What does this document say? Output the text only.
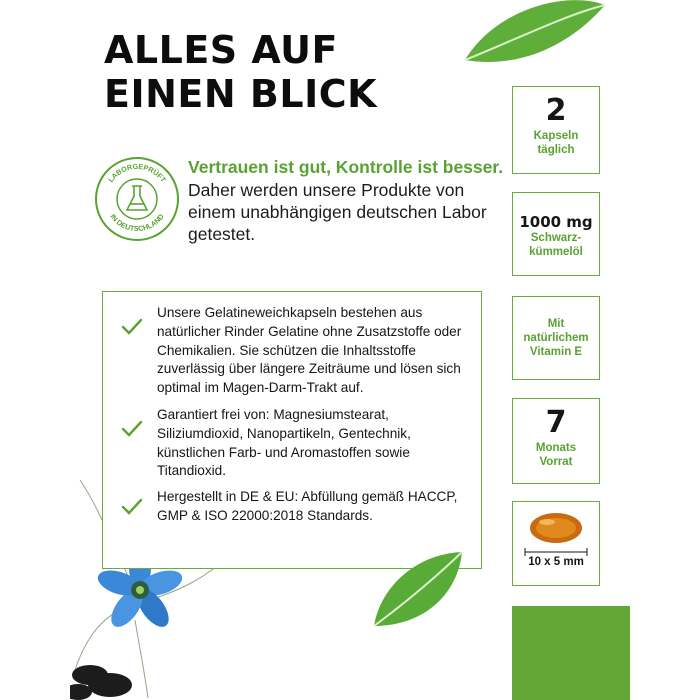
ALLES AUF
EINEN BLICK
LABORGEPRÜFT
IN DEUTSCHLAND
Vertrauen ist gut, Kontrolle ist besser.
Daher werden unsere Produkte von einem unabhängigen deutschen Labor getestet.
Unsere Gelatineweichkapseln bestehen aus natürlicher Rinder Gelatine ohne Zusatzstoffe oder Chemikalien. Sie schützen die Inhaltsstoffe zuverlässig über längere Zeiträume und lösen sich optimal im Magen-Darm-Trakt auf.
Garantiert frei von: Magnesiumstearat, Siliziumdioxid, Nanopartikeln, Gentechnik, künstlichen Farb- und Aromastoffen sowie Titandioxid.
Hergestellt in DE & EU: Abfüllung gemäß HACCP, GMP & ISO 22000:2018 Standards.
2
Kapseln
täglich
1000 mg
Schwarz-
kümmelöl
Mit
natürlichem
Vitamin E
7
Monats
Vorrat
10 x 5 mm
